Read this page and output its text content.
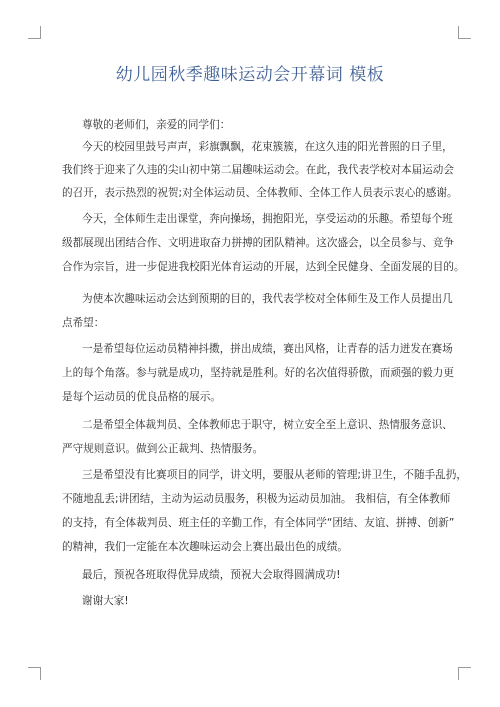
幼儿园秋季趣味运动会开幕词 模板
尊敬的老师们，亲爱的同学们：
今天的校园里鼓号声声，彩旗飘飘，花束簇簇，在这久违的阳光普照的日子里，
我们终于迎来了久违的尖山初中第二届趣味运动会。在此，我代表学校对本届运动会
的召开，表示热烈的祝贺;对全体运动员、全体教师、全体工作人员表示衷心的感谢。
今天，全体师生走出课堂，奔向操场，拥抱阳光，享受运动的乐趣。希望每个班
级都展现出团结合作、文明进取奋力拼搏的团队精神。这次盛会，以全员参与、竞争
合作为宗旨，进一步促进我校阳光体育运动的开展，达到全民健身、全面发展的目的。
为使本次趣味运动会达到预期的目的，我代表学校对全体师生及工作人员提出几
点希望：
一是希望每位运动员精神抖擞，拼出成绩，赛出风格，让青春的活力迸发在赛场
上的每个角落。参与就是成功，坚持就是胜利。好的名次值得骄傲，而顽强的毅力更
是每个运动员的优良品格的展示。
二是希望全体裁判员、全体教师忠于职守，树立安全至上意识、热情服务意识、
严守规则意识。做到公正裁判、热情服务。
三是希望没有比赛项目的同学，讲文明，要服从老师的管理;讲卫生，不随手乱扔，
不随地乱丢;讲团结，主动为运动员服务，积极为运动员加油。 我相信，有全体教师
的支持，有全体裁判员、班主任的辛勤工作，有全体同学“团结、友谊、拼搏、创新”
的精神，我们一定能在本次趣味运动会上赛出最出色的成绩。
最后，预祝各班取得优异成绩，预祝大会取得圆满成功!
谢谢大家!
